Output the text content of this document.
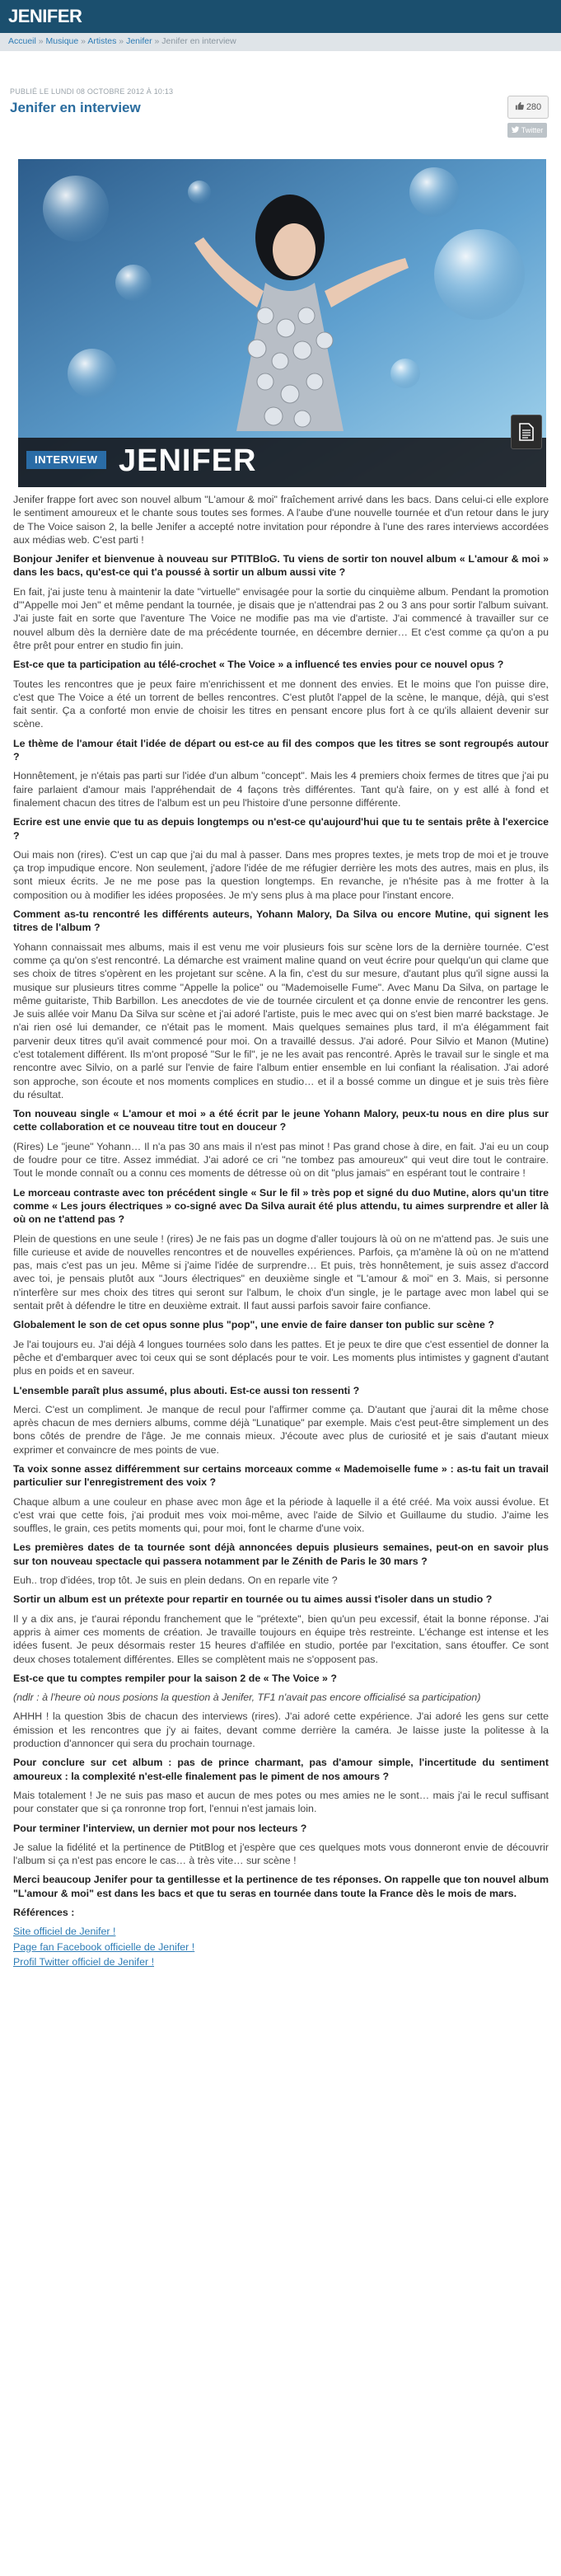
JENIFER
Accueil » Musique » Artistes » Jenifer » Jenifer en interview
PUBLIÉ LE LUNDI 08 OCTOBRE 2012 À 10:13
Jenifer en interview	280
Twitter
INTERVIEW JENIFER

Jenifer frappe fort avec son nouvel album "L'amour & moi" fraîchement arrivé dans les bacs. Dans celui-ci elle explore le sentiment amoureux et le chante sous toutes ses formes. A l'aube d'une nouvelle tournée et d'un retour dans le jury de The Voice saison 2, la belle Jenifer a accepté notre invitation pour répondre à l'une des rares interviews accordées aux médias web. C'est parti !

Bonjour Jenifer et bienvenue à nouveau sur PTITBloG. Tu viens de sortir ton nouvel album « L'amour & moi » dans les bacs, qu'est-ce qui t'a poussé à sortir un album aussi vite ?

En fait, j'ai juste tenu à maintenir la date "virtuelle" envisagée pour la sortie du cinquième album. Pendant la promotion d'"Appelle moi Jen" et même pendant la tournée, je disais que je n'attendrai pas 2 ou 3 ans pour sortir l'album suivant. J'ai juste fait en sorte que l'aventure The Voice ne modifie pas ma vie d'artiste. J'ai commencé à travailler sur ce nouvel album dès la dernière date de ma précédente tournée, en décembre dernier… Et c'est comme ça qu'on a pu être prêt pour entrer en studio fin juin.

Est-ce que ta participation au télé-crochet « The Voice » a influencé tes envies pour ce nouvel opus ?

Toutes les rencontres que je peux faire m'enrichissent et me donnent des envies. Et le moins que l'on puisse dire, c'est que The Voice a été un torrent de belles rencontres. C'est plutôt l'appel de la scène, le manque, déjà, qui s'est fait sentir. Ça a conforté mon envie de choisir les titres en pensant encore plus fort à ce qu'ils allaient devenir sur scène.

Le thème de l'amour était l'idée de départ ou est-ce au fil des compos que les titres se sont regroupés autour ?

Honnêtement, je n'étais pas parti sur l'idée d'un album "concept". Mais les 4 premiers choix fermes de titres que j'ai pu faire parlaient d'amour mais l'appréhendait de 4 façons très différentes. Tant qu'à faire, on y est allé à fond et finalement chacun des titres de l'album est un peu l'histoire d'une personne différente.

Ecrire est une envie que tu as depuis longtemps ou n'est-ce qu'aujourd'hui que tu te sentais prête à l'exercice ?

Oui mais non (rires). C'est un cap que j'ai du mal à passer. Dans mes propres textes, je mets trop de moi et je trouve ça trop impudique encore. Non seulement, j'adore l'idée de me réfugier derrière les mots des autres, mais en plus, ils sont mieux écrits. Je ne me pose pas la question longtemps. En revanche, je n'hésite pas à me frotter à la composition ou à modifier les idées proposées. Je m'y sens plus à ma place pour l'instant encore.

Comment as-tu rencontré les différents auteurs, Yohann Malory, Da Silva ou encore Mutine, qui signent les titres de l'album ?

Yohann connaissait mes albums, mais il est venu me voir plusieurs fois sur scène lors de la dernière tournée. C'est comme ça qu'on s'est rencontré. La démarche est vraiment maline quand on veut écrire pour quelqu'un qui clame que ses choix de titres s'opèrent en les projetant sur scène. A la fin, c'est du sur mesure, d'autant plus qu'il signe aussi la musique sur plusieurs titres comme "Appelle la police" ou "Mademoiselle Fume". Avec Manu Da Silva, on partage le même guitariste, Thib Barbillon. Les anecdotes de vie de tournée circulent et ça donne envie de rencontrer les gens. Je suis allée voir Manu Da Silva sur scène et j'ai adoré l'artiste, puis le mec avec qui on s'est bien marré backstage. Je n'ai rien osé lui demander, ce n'était pas le moment. Mais quelques semaines plus tard, il m'a élégamment fait parvenir deux titres qu'il avait commencé pour moi. On a travaillé dessus. J'ai adoré. Pour Silvio et Manon (Mutine) c'est totalement différent. Ils m'ont proposé "Sur le fil", je ne les avait pas rencontré. Après le travail sur le single et ma rencontre avec Silvio, on a parlé sur l'envie de faire l'album entier ensemble en lui confiant la réalisation. J'ai adoré son approche, son écoute et nos moments complices en studio… et il a bossé comme un dingue et je suis très fière du résultat.

Ton nouveau single « L'amour et moi » a été écrit par le jeune Yohann Malory, peux-tu nous en dire plus sur cette collaboration et ce nouveau titre tout en douceur ?

(Rires) Le "jeune" Yohann… Il n'a pas 30 ans mais il n'est pas minot ! Pas grand chose à dire, en fait. J'ai eu un coup de foudre pour ce titre. Assez immédiat. J'ai adoré ce cri "ne tombez pas amoureux" qui veut dire tout le contraire. Tout le monde connaît ou a connu ces moments de détresse où on dit "plus jamais" en espérant tout le contraire !

Le morceau contraste avec ton précédent single « Sur le fil » très pop et signé du duo Mutine, alors qu'un titre comme « Les jours électriques » co-signé avec Da Silva aurait été plus attendu, tu aimes surprendre et aller là où on ne t'attend pas ?

Plein de questions en une seule ! (rires) Je ne fais pas un dogme d'aller toujours là où on ne m'attend pas. Je suis une fille curieuse et avide de nouvelles rencontres et de nouvelles expériences. Parfois, ça m'amène là où on ne m'attend pas, mais c'est pas un jeu. Même si j'aime l'idée de surprendre… Et puis, très honnêtement, je suis assez d'accord avec toi, je pensais plutôt aux "Jours électriques" en deuxième single et "L'amour & moi" en 3. Mais, si personne n'interfère sur mes choix des titres qui seront sur l'album, le choix d'un single, je le partage avec mon label qui se sentait prêt à défendre le titre en deuxième extrait. Il faut aussi parfois savoir faire confiance.

Globalement le son de cet opus sonne plus "pop", une envie de faire danser ton public sur scène ?

Je l'ai toujours eu. J'ai déjà 4 longues tournées solo dans les pattes. Et je peux te dire que c'est essentiel de donner la pêche et d'embarquer avec toi ceux qui se sont déplacés pour te voir. Les moments plus intimistes y gagnent d'autant plus en poids et en saveur.

L'ensemble paraît plus assumé, plus abouti. Est-ce aussi ton ressenti ?

Merci. C'est un compliment. Je manque de recul pour l'affirmer comme ça. D'autant que j'aurai dit la même chose après chacun de mes derniers albums, comme déjà "Lunatique" par exemple. Mais c'est peut-être simplement un des bons côtés de prendre de l'âge. Je me connais mieux. J'écoute avec plus de curiosité et je sais d'autant mieux exprimer et convaincre de mes points de vue.

Ta voix sonne assez différemment sur certains morceaux comme « Mademoiselle fume » : as-tu fait un travail particulier sur l'enregistrement des voix ?

Chaque album a une couleur en phase avec mon âge et la période à laquelle il a été créé. Ma voix aussi évolue. Et c'est vrai que cette fois, j'ai produit mes voix moi-même, avec l'aide de Silvio et Guillaume du studio. J'aime les souffles, le grain, ces petits moments qui, pour moi, font le charme d'une voix.

Les premières dates de ta tournée sont déjà annoncées depuis plusieurs semaines, peut-on en savoir plus sur ton nouveau spectacle qui passera notamment par le Zénith de Paris le 30 mars ?

Euh.. trop d'idées, trop tôt. Je suis en plein dedans. On en reparle vite ?

Sortir un album est un prétexte pour repartir en tournée ou tu aimes aussi t'isoler dans un studio ?

Il y a dix ans, je t'aurai répondu franchement que le "prétexte", bien qu'un peu excessif, était la bonne réponse. J'ai appris à aimer ces moments de création. Je travaille toujours en équipe très restreinte. L'échange est intense et les idées fusent. Je peux désormais rester 15 heures d'affilée en studio, portée par l'excitation, sans étouffer. Ce sont deux choses totalement différentes. Elles se complètent mais ne s'opposent pas.

Est-ce que tu comptes rempiler pour la saison 2 de « The Voice » ?

(ndlr : à l'heure où nous posions la question à Jenifer, TF1 n'avait pas encore officialisé sa participation)

AHHH ! la question 3bis de chacun des interviews (rires). J'ai adoré cette expérience. J'ai adoré les gens sur cette émission et les rencontres que j'y ai faites, devant comme derrière la caméra. Je laisse juste la politesse à la production d'annoncer qui sera du prochain tournage.

Pour conclure sur cet album : pas de prince charmant, pas d'amour simple, l'incertitude du sentiment amoureux : la complexité n'est-elle finalement pas le piment de nos amours ?

Mais totalement ! Je ne suis pas maso et aucun de mes potes ou mes amies ne le sont… mais j'ai le recul suffisant pour constater que si ça ronronne trop fort, l'ennui n'est jamais loin.

Pour terminer l'interview, un dernier mot pour nos lecteurs ?

Je salue la fidélité et la pertinence de PtitBlog et j'espère que ces quelques mots vous donneront envie de découvrir l'album si ça n'est pas encore le cas… à très vite… sur scène !

Merci beaucoup Jenifer pour ta gentillesse et la pertinence de tes réponses. On rappelle que ton nouvel album "L'amour & moi" est dans les bacs et que tu seras en tournée dans toute la France dès le mois de mars.

Références :

Site officiel de Jenifer !
Page fan Facebook officielle de Jenifer !
Profil Twitter officiel de Jenifer !
